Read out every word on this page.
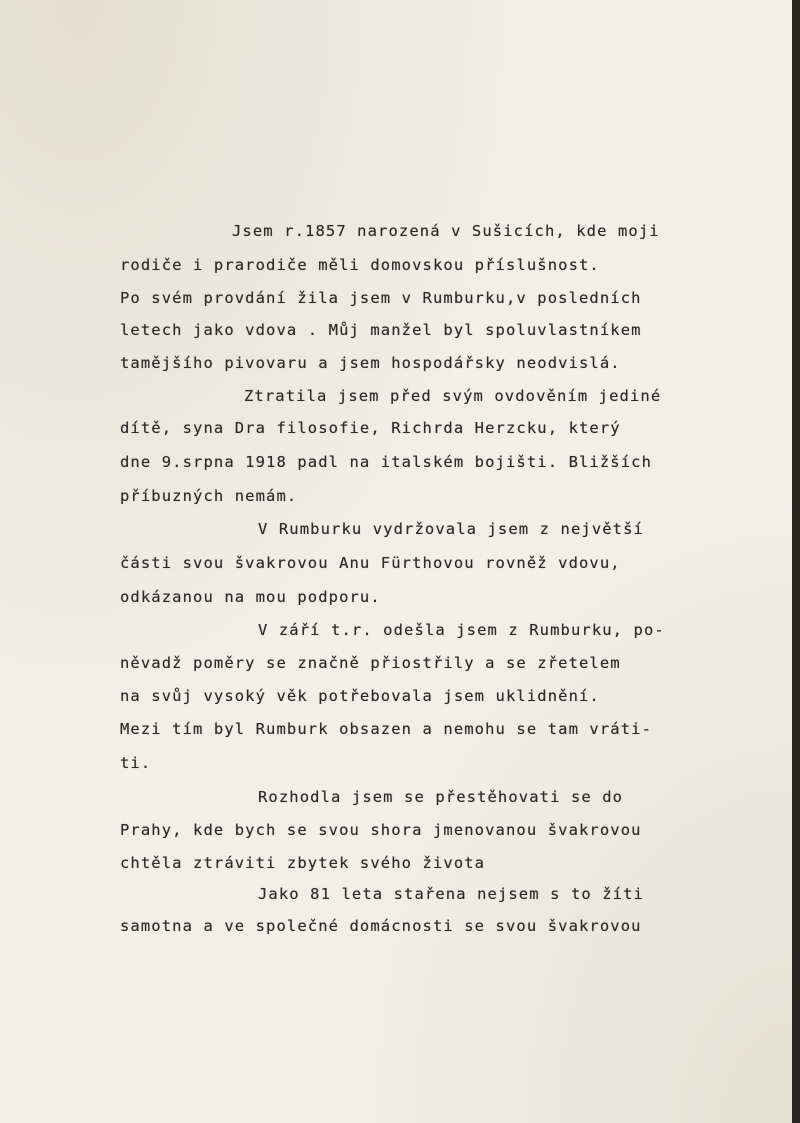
Jsem r.1857 narozená v Sušicích, kde moji
rodiče i prarodiče měli domovskou příslušnost.
Po svém provdání žila jsem v Rumburku,v posledních
letech jako vdova . Můj manžel byl spoluvlastníkem
tamějšího pivovaru a jsem hospodářsky neodvislá.
Ztratila jsem před svým ovdověním jediné
dítě, syna Dra filosofie, Richrda Herzcku, který
dne 9.srpna 1918 padl na italském bojišti. Bližších
příbuzných nemám.
V Rumburku vydržovala jsem z největší
části svou švakrovou Anu Fürthovou rovněž vdovu,
odkázanou na mou podporu.
V září t.r. odešla jsem z Rumburku, po-
něvadž poměry se značně přiostřily a se zřetelem
na svůj vysoký věk potřebovala jsem uklidnění.
Mezi tím byl Rumburk obsazen a nemohu se tam vráti-
ti.
Rozhodla jsem se přestěhovati se do
Prahy, kde bych se svou shora jmenovanou švakrovou
chtěla ztráviti zbytek svého života
Jako 81 leta stařena nejsem s to žíti
samotna a ve společné domácnosti se svou švakrovou
